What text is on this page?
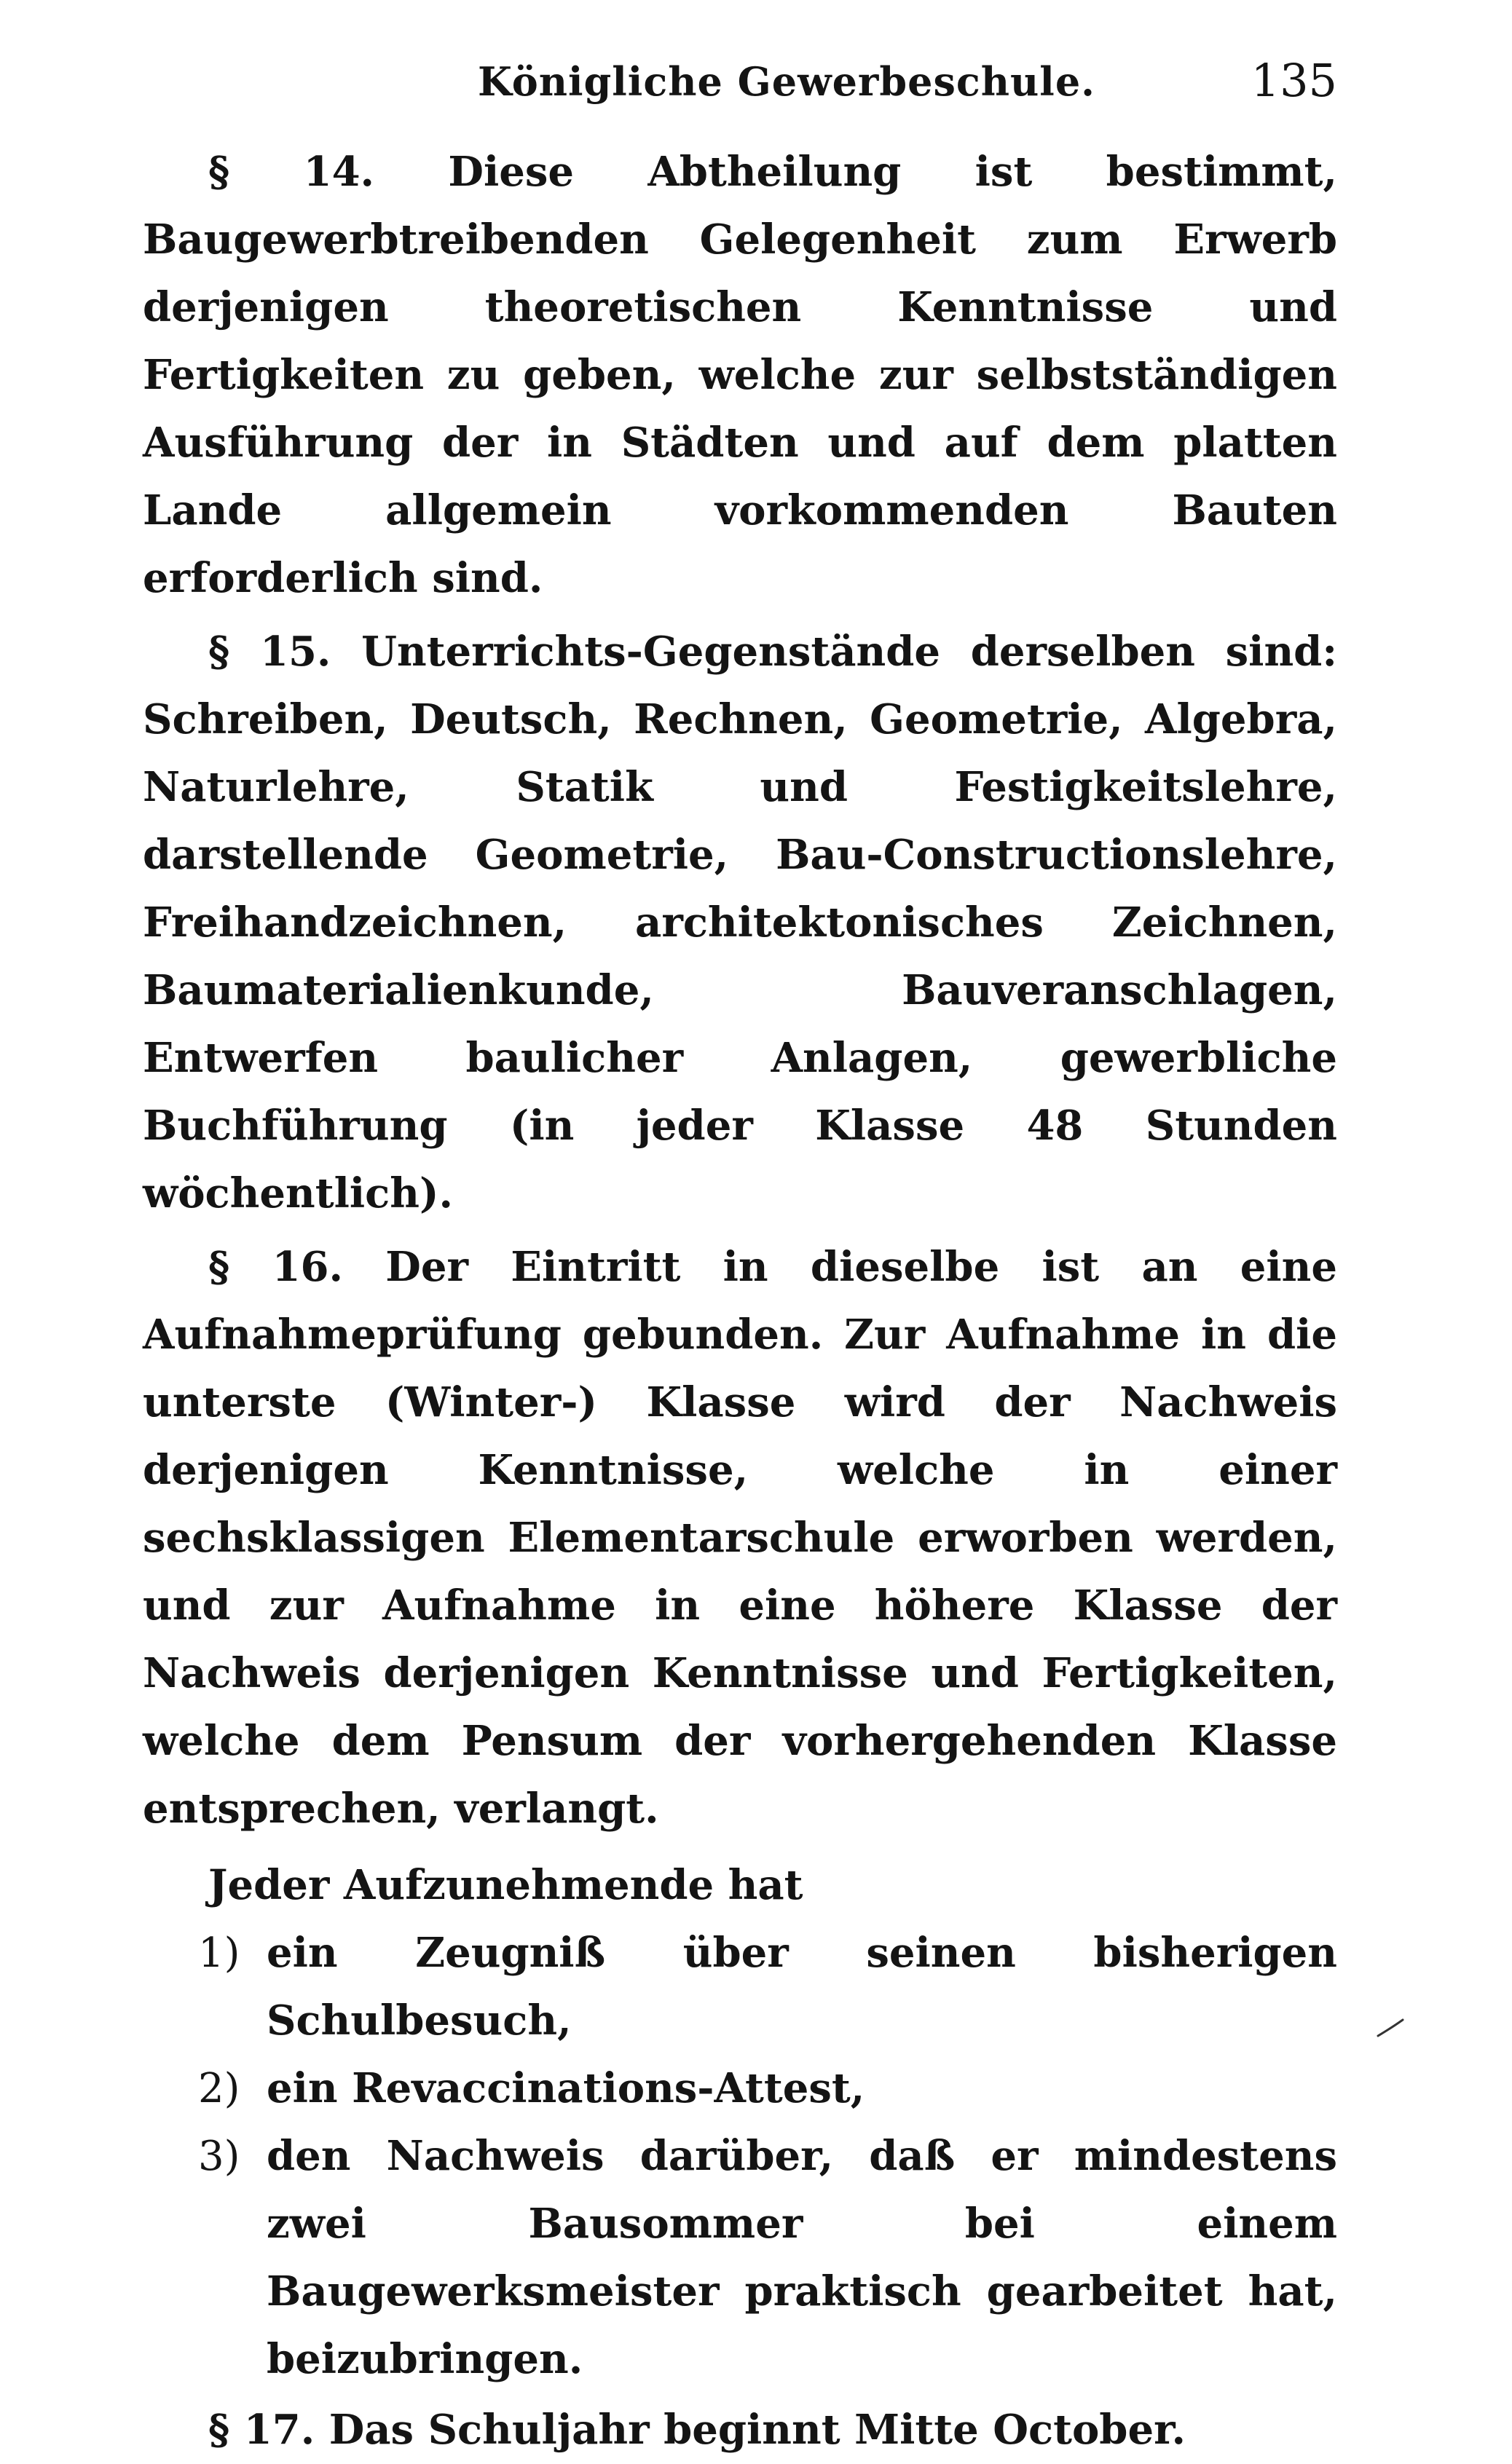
Königliche Gewerbeschule.	135

§ 14. Diese Abtheilung ist bestimmt, Baugewerbtreibenden Gelegenheit zum Erwerb derjenigen theoretischen Kenntnisse und Fertigkeiten zu geben, welche zur selbstständigen Ausführung der in Städten und auf dem platten Lande allgemein vorkommenden Bauten erforderlich sind.

§ 15. Unterrichts-Gegenstände derselben sind: Schreiben, Deutsch, Rechnen, Geometrie, Algebra, Naturlehre, Statik und Festigkeitslehre, darstellende Geometrie, Bau-Constructionslehre, Freihandzeichnen, architektonisches Zeichnen, Baumaterialienkunde, Bauveranschlagen, Entwerfen baulicher Anlagen, gewerbliche Buchführung (in jeder Klasse 48 Stunden wöchentlich).

§ 16. Der Eintritt in dieselbe ist an eine Aufnahmeprüfung gebunden. Zur Aufnahme in die unterste (Winter-) Klasse wird der Nachweis derjenigen Kenntnisse, welche in einer sechsklassigen Elementarschule erworben werden, und zur Aufnahme in eine höhere Klasse der Nachweis derjenigen Kenntnisse und Fertigkeiten, welche dem Pensum der vorhergehenden Klasse entsprechen, verlangt.

Jeder Aufzunehmende hat

1) ein Zeugniß über seinen bisherigen Schulbesuch,
2) ein Revaccinations-Attest,
3) den Nachweis darüber, daß er mindestens zwei Bausommer bei einem Baugewerksmeister praktisch gearbeitet hat, beizubringen.

§ 17. Das Schuljahr beginnt Mitte October.
